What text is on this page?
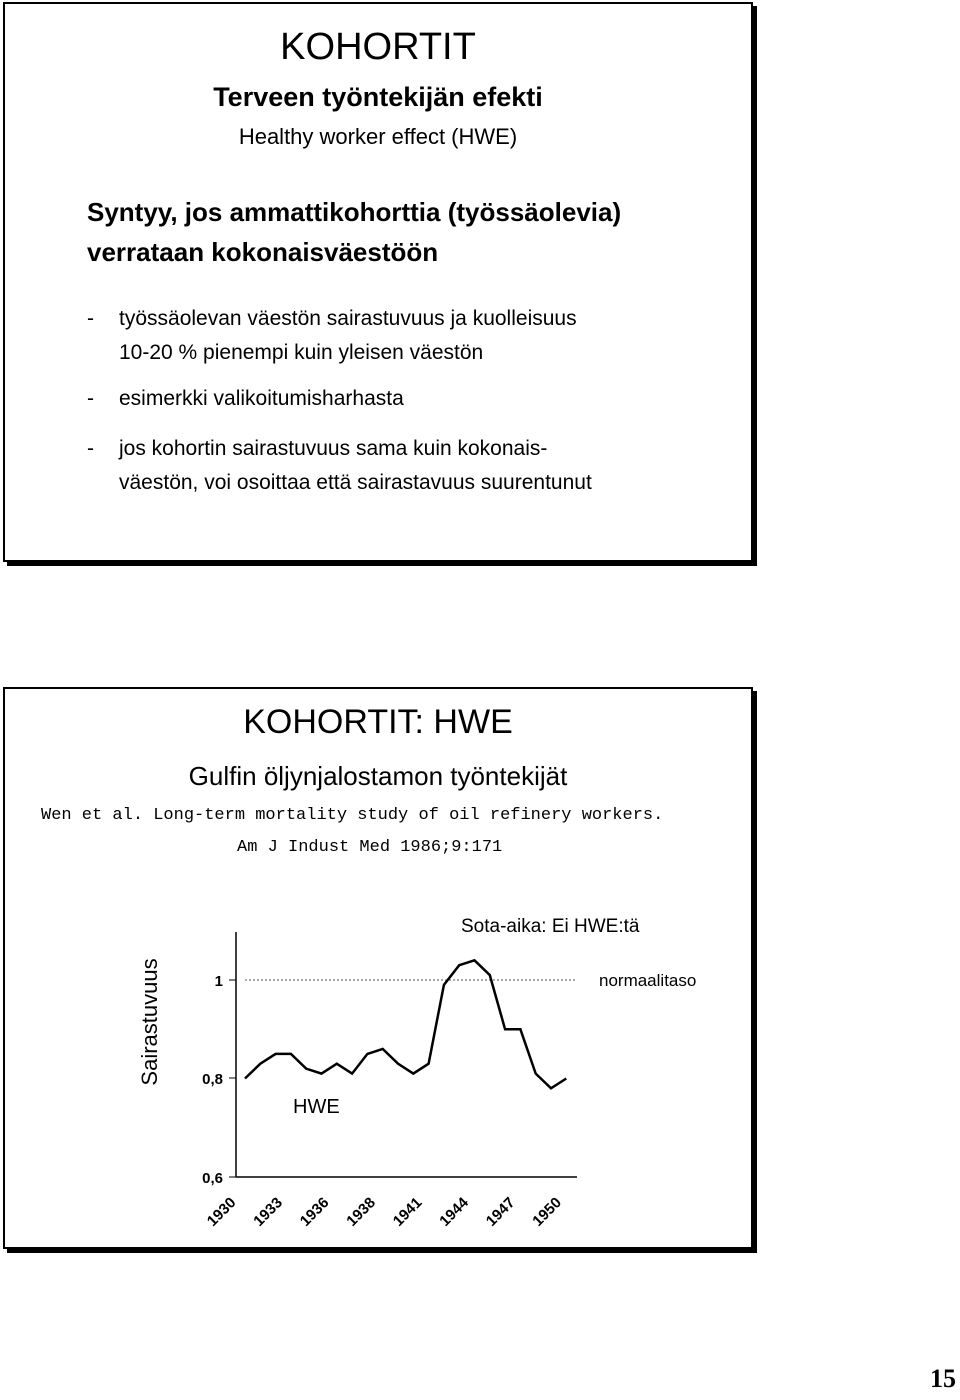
KOHORTIT
Terveen työntekijän efekti
Healthy worker effect (HWE)
Syntyy, jos ammattikohorttia (työssäolevia)
verrataan kokonaisväestöön
- työssäolevan väestön sairastuvuus ja kuolleisuus
10-20 % pienempi kuin yleisen väestön
- esimerkki valikoitumisharhasta
- jos kohortin sairastuvuus sama kuin kokonais-
väestön, voi osoittaa että sairastavuus suurentunut
KOHORTIT: HWE
Gulfin öljynjalostamon työntekijät
Wen et al. Long-term mortality study of oil refinery workers.
Am J Indust Med 1986;9:171
1
0,8
0,6
Sairastuvuus	normaalitaso
Sota-aika: Ei HWE:tä
HWE
1930 1933 1936 1938 1941 1944 1947 1950
15
